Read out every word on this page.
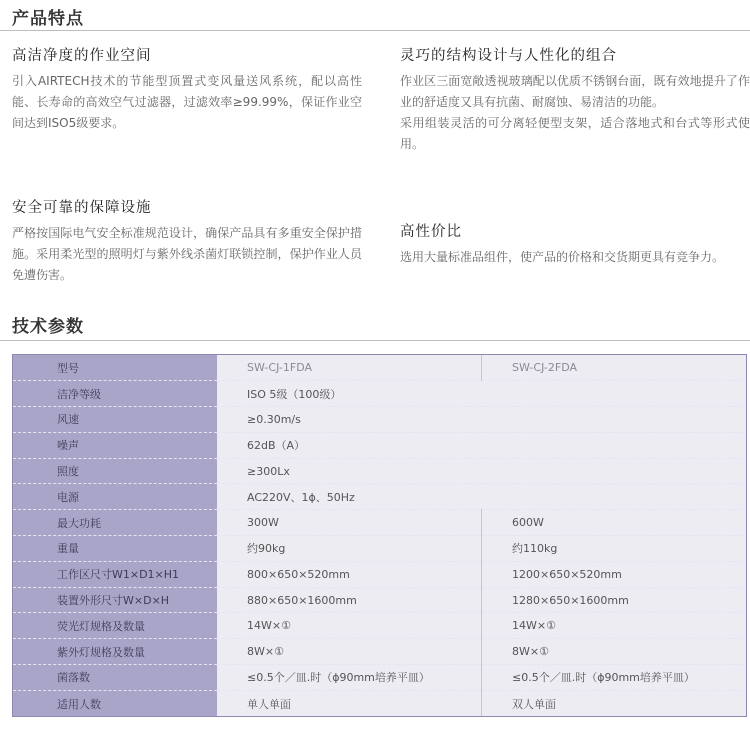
产品特点
高洁净度的作业空间

引入AIRTECH技术的节能型顶置式变风量送风系统，配以高性能、长寿命的高效空气过滤器，过滤效率≥99.99%，保证作业空间达到ISO5级要求。

灵巧的结构设计与人性化的组合

作业区三面宽敞透视玻璃配以优质不锈钢台面，既有效地提升了作业的舒适度又具有抗菌、耐腐蚀、易清洁的功能。

采用组装灵活的可分离轻便型支架，适合落地式和台式等形式使用。

安全可靠的保障设施

严格按国际电气安全标准规范设计，确保产品具有多重安全保护措施。采用柔光型的照明灯与紫外线杀菌灯联锁控制，保护作业人员免遭伤害。

高性价比

选用大量标准品组件，使产品的价格和交货期更具有竞争力。

技术参数
型号	SW-CJ-1FDA	SW-CJ-2FDA
洁净等级	ISO 5级（100级）	
风速	≥0.30m/s	
噪声	62dB（A）	
照度	≥300Lx	
电源	AC220V、1ϕ、50Hz	
最大功耗	300W	600W
重量	约90kg	约110kg
工作区尺寸W1×D1×H1	800×650×520mm	1200×650×520mm
装置外形尺寸W×D×H	880×650×1600mm	1280×650×1600mm
荧光灯规格及数量	14W×①	14W×①
紫外灯规格及数量	8W×①	8W×①
菌落数	≤0.5个／皿.时（ϕ90mm培养平皿）	≤0.5个／皿.时（ϕ90mm培养平皿）
适用人数	单人单面	双人单面
